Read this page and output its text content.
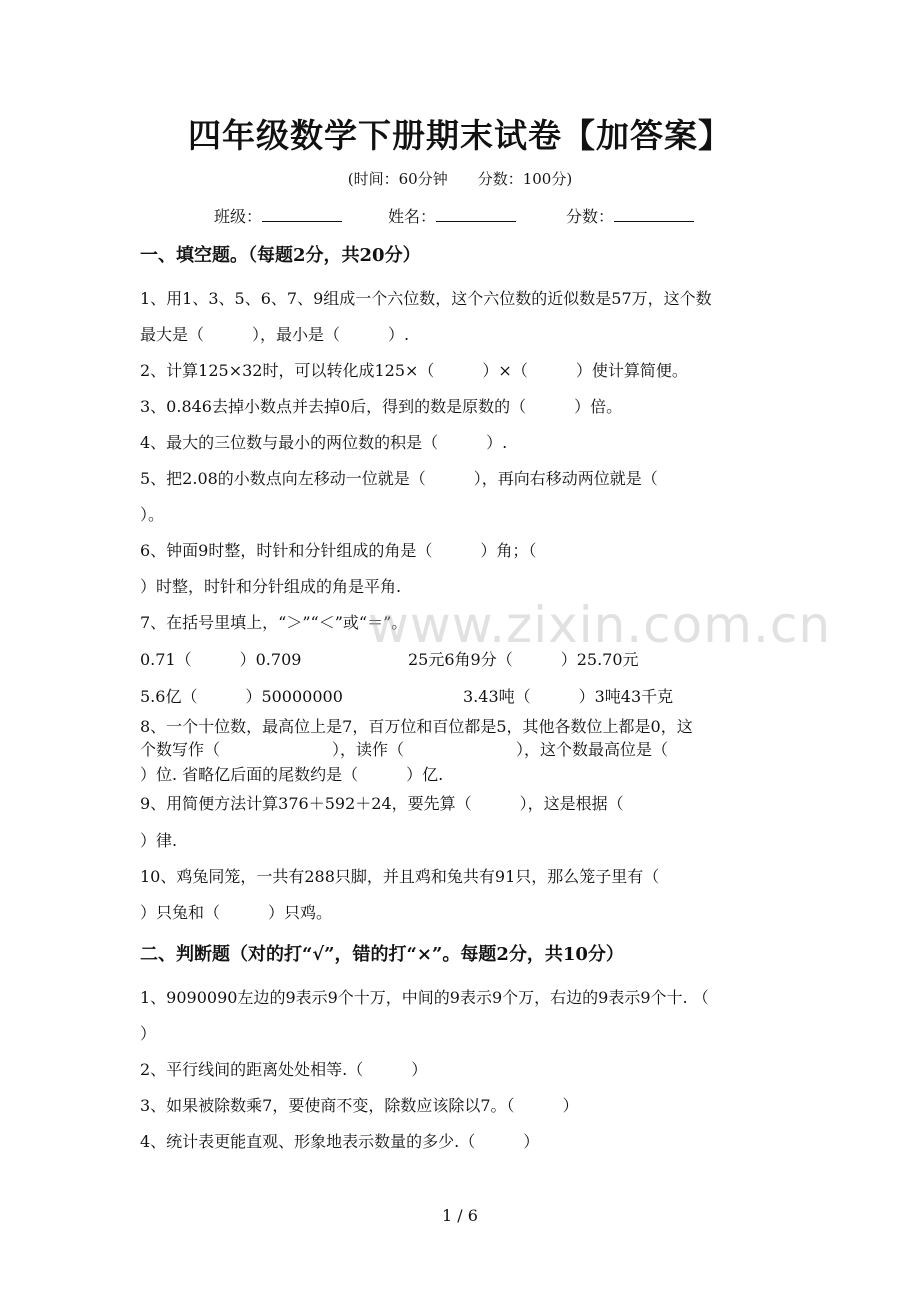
四年级数学下册期末试卷【加答案】
(时间：60分钟　　分数：100分)
班级：	姓名：	分数：
一、填空题。（每题2分，共20分）
1、用1、3、5、6、7、9组成一个六位数，这个六位数的近似数是57万，这个数
最大是（　　　），最小是（　　　）.
2、计算125×32时，可以转化成125×（　　　）×（　　　）使计算简便。
3、0.846去掉小数点并去掉0后，得到的数是原数的（　　　）倍。
4、最大的三位数与最小的两位数的积是（　　　）.
5、把2.08的小数点向左移动一位就是（　　　），再向右移动两位就是（
）。
6、钟面9时整，时针和分针组成的角是（　　　）角；（
）时整，时针和分针组成的角是平角.
7、在括号里填上，“＞”“＜”或“＝”。
0.71（　　　）0.709	25元6角9分（　　　）25.70元
5.6亿（　　　）50000000	3.43吨（　　　）3吨43千克
8、一个十位数，最高位上是7，百万位和百位都是5，其他各数位上都是0，这
个数写作（　　　　　　　），读作（　　　　　　　），这个数最高位是（
）位. 省略亿后面的尾数约是（　　　）亿.
9、用简便方法计算376＋592＋24，要先算（　　　），这是根据（
）律.
10、鸡兔同笼，一共有288只脚，并且鸡和兔共有91只，那么笼子里有（
）只兔和（　　　）只鸡。
二、判断题（对的打“√”，错的打“×”。每题2分，共10分）
1、9090090左边的9表示9个十万，中间的9表示9个万，右边的9表示9个十. （
）
2、平行线间的距离处处相等.（　　　）
3、如果被除数乘7，要使商不变，除数应该除以7。（　　　）
4、统计表更能直观、形象地表示数量的多少.（　　　）
www.zixin.com.cn
1 / 6
